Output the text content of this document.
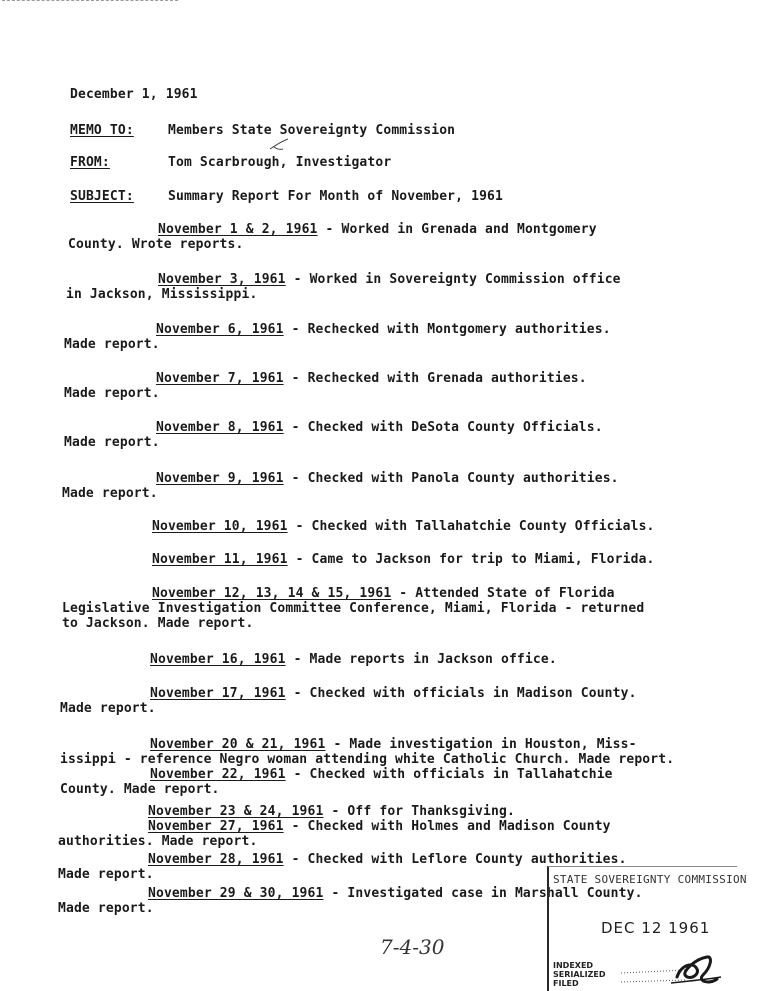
December 1, 1961
MEMO TO:	Members State Sovereignty Commission
FROM:	Tom Scarbrough, Investigator
SUBJECT:	Summary Report For Month of November, 1961
November 1 & 2, 1961 - Worked in Grenada and Montgomery
County. Wrote reports.
November 3, 1961 - Worked in Sovereignty Commission office
in Jackson, Mississippi.
November 6, 1961 - Rechecked with Montgomery authorities.
Made report.
November 7, 1961 - Rechecked with Grenada authorities.
Made report.
November 8, 1961 - Checked with DeSota County Officials.
Made report.
November 9, 1961 - Checked with Panola County authorities.
Made report.
November 10, 1961 - Checked with Tallahatchie County Officials.
November 11, 1961 - Came to Jackson for trip to Miami, Florida.
November 12, 13, 14 & 15, 1961 - Attended State of Florida
Legislative Investigation Committee Conference, Miami, Florida - returned
to Jackson. Made report.
November 16, 1961 - Made reports in Jackson office.
November 17, 1961 - Checked with officials in Madison County.
Made report.
November 20 & 21, 1961 - Made investigation in Houston, Miss-
issippi - reference Negro woman attending white Catholic Church. Made report.
November 22, 1961 - Checked with officials in Tallahatchie
County. Made report.
November 23 & 24, 1961 - Off for Thanksgiving.
November 27, 1961 - Checked with Holmes and Madison County
authorities. Made report.
November 28, 1961 - Checked with Leflore County authorities.
Made report.
November 29 & 30, 1961 - Investigated case in Marshall County.
Made report.
7-4-30
STATE SOVEREIGNTY COMMISSION
DEC 12 1961
INDEXED
SERIALIZED
FILED
